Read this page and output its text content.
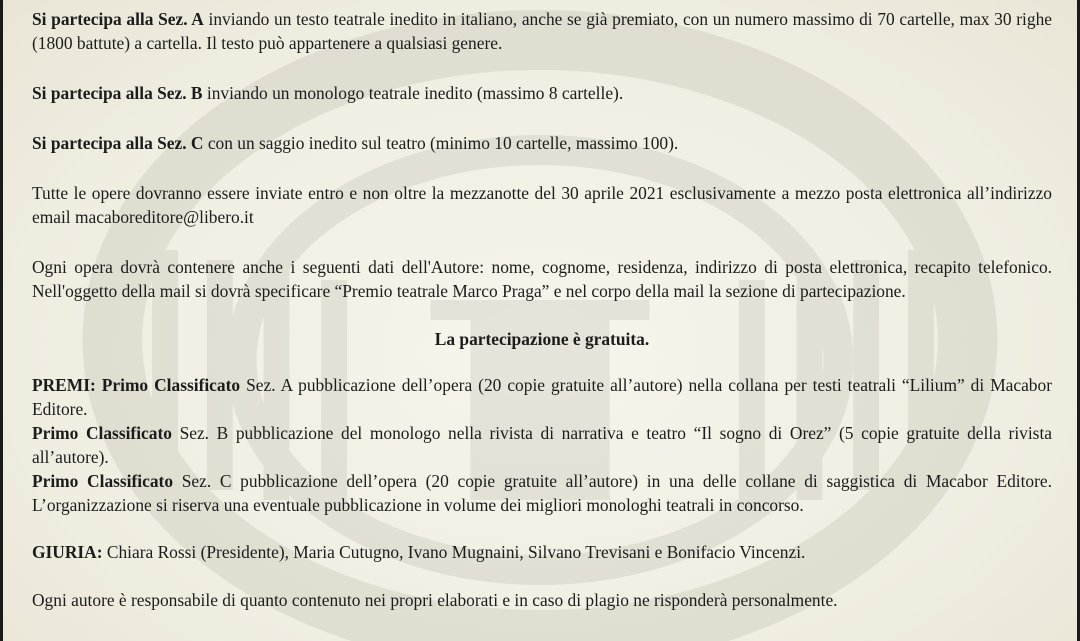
Si partecipa alla Sez. A inviando un testo teatrale inedito in italiano, anche se già premiato, con un numero massimo di 70 cartelle, max 30 righe (1800 battute) a cartella. Il testo può appartenere a qualsiasi genere.

Si partecipa alla Sez. B inviando un monologo teatrale inedito (massimo 8 cartelle).

Si partecipa alla Sez. C con un saggio inedito sul teatro (minimo 10 cartelle, massimo 100).

Tutte le opere dovranno essere inviate entro e non oltre la mezzanotte del 30 aprile 2021 esclusivamente a mezzo posta elettronica all’indirizzo email macaboreditore@libero.it

Ogni opera dovrà contenere anche i seguenti dati dell'Autore: nome, cognome, residenza, indirizzo di posta elettronica, recapito telefonico. Nell'oggetto della mail si dovrà specificare “Premio teatrale Marco Praga” e nel corpo della mail la sezione di partecipazione.

La partecipazione è gratuita.

PREMI: Primo Classificato Sez. A pubblicazione dell’opera (20 copie gratuite all’autore) nella collana per testi teatrali “Lilium” di Macabor Editore.

Primo Classificato Sez. B pubblicazione del monologo nella rivista di narrativa e teatro “Il sogno di Orez” (5 copie gratuite della rivista all’autore).

Primo Classificato Sez. C pubblicazione dell’opera (20 copie gratuite all’autore) in una delle collane di saggistica di Macabor Editore. L’organizzazione si riserva una eventuale pubblicazione in volume dei migliori monologhi teatrali in concorso.

GIURIA: Chiara Rossi (Presidente), Maria Cutugno, Ivano Mugnaini, Silvano Trevisani e Bonifacio Vincenzi.

Ogni autore è responsabile di quanto contenuto nei propri elaborati e in caso di plagio ne risponderà personalmente.
